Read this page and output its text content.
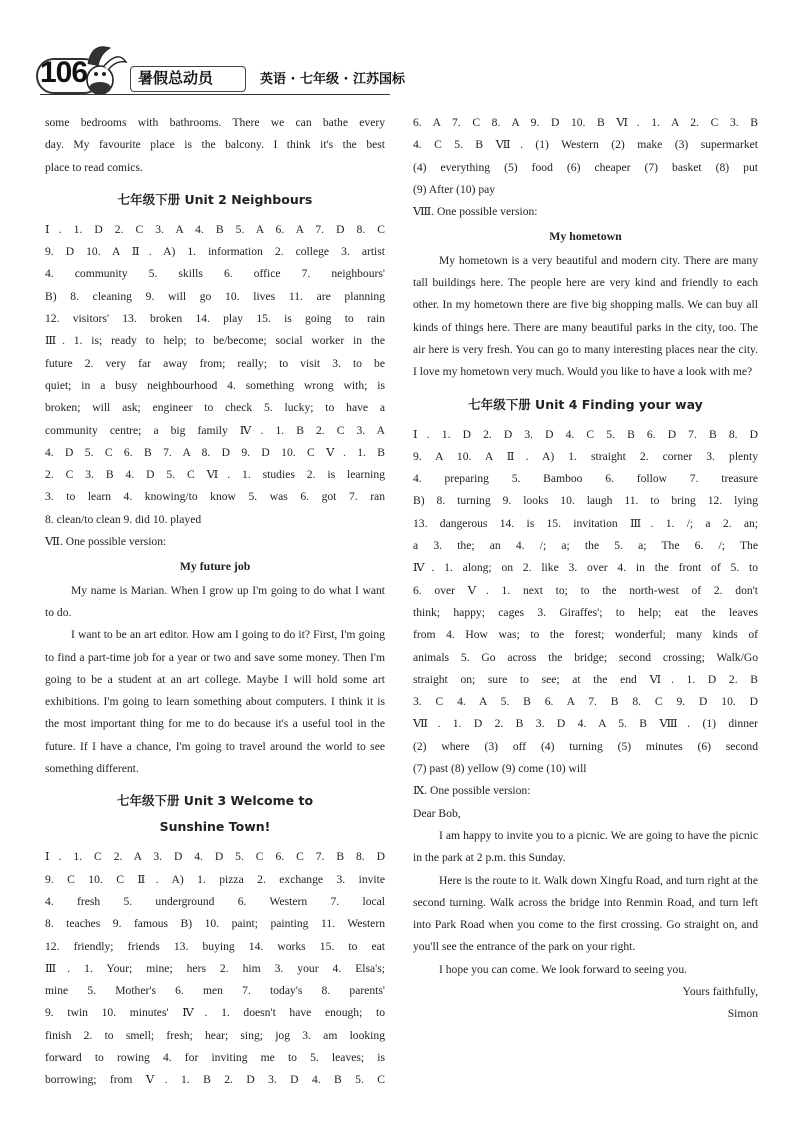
106	暑假总动员	英语 · 七年级 · 江苏国标
some bedrooms with bathrooms. There we can bathe every
day. My favourite place is the balcony. I think it's the best
place to read comics.
七年级下册 Unit 2 Neighbours
Ⅰ. 1. D 2. C 3. A 4. B 5. A 6. A 7. D 8. C
9. D 10. A Ⅱ. A) 1. information 2. college 3. artist
4. community 5. skills 6. office 7. neighbours'
B) 8. cleaning 9. will go 10. lives 11. are planning
12. visitors' 13. broken 14. play 15. is going to rain
Ⅲ. 1. is; ready to help; to be/become; social worker in the
future 2. very far away from; really; to visit 3. to be
quiet; in a busy neighbourhood 4. something wrong with; is
broken; will ask; engineer to check 5. lucky; to have a
community centre; a big family Ⅳ. 1. B 2. C 3. A
4. D 5. C 6. B 7. A 8. D 9. D 10. C Ⅴ. 1. B
2. C 3. B 4. D 5. C Ⅵ. 1. studies 2. is learning
3. to learn 4. knowing/to know 5. was 6. got 7. ran
8. clean/to clean 9. did 10. played
Ⅶ. One possible version:
My future job

My name is Marian. When I grow up I'm going to do what I want to do.

I want to be an art editor. How am I going to do it? First, I'm going to find a part-time job for a year or two and save some money. Then I'm going to be a student at an art college. Maybe I will hold some art exhibitions. I'm going to learn something about computers. I think it is the most important thing for me to do because it's a useful tool in the future. If I have a chance, I'm going to travel around the world to see something different.

七年级下册 Unit 3 Welcome to
Sunshine Town!
Ⅰ. 1. C 2. A 3. D 4. D 5. C 6. C 7. B 8. D
9. C 10. C Ⅱ. A) 1. pizza 2. exchange 3. invite
4. fresh 5. underground 6. Western 7. local
8. teaches 9. famous B) 10. paint; painting 11. Western
12. friendly; friends 13. buying 14. works 15. to eat
Ⅲ. 1. Your; mine; hers 2. him 3. your 4. Elsa's;
mine 5. Mother's 6. men 7. today's 8. parents'
9. twin 10. minutes' Ⅳ. 1. doesn't have enough; to
finish 2. to smell; fresh; hear; sing; jog 3. am looking
forward to rowing 4. for inviting me to 5. leaves; is
borrowing; from Ⅴ. 1. B 2. D 3. D 4. B 5. C
6. A 7. C 8. A 9. D 10. B Ⅵ. 1. A 2. C 3. B
4. C 5. B Ⅶ. (1) Western (2) make (3) supermarket
(4) everything (5) food (6) cheaper (7) basket (8) put
(9) After (10) pay
Ⅷ. One possible version:
My hometown

My hometown is a very beautiful and modern city. There are many tall buildings here. The people here are very kind and friendly to each other. In my hometown there are five big shopping malls. We can buy all kinds of things here. There are many beautiful parks in the city, too. The air here is very fresh. You can go to many interesting places near the city. I love my hometown very much. Would you like to have a look with me?

七年级下册 Unit 4 Finding your way
Ⅰ. 1. D 2. D 3. D 4. C 5. B 6. D 7. B 8. D
9. A 10. A Ⅱ. A) 1. straight 2. corner 3. plenty
4. preparing 5. Bamboo 6. follow 7. treasure
B) 8. turning 9. looks 10. laugh 11. to bring 12. lying
13. dangerous 14. is 15. invitation Ⅲ. 1. /; a 2. an;
a 3. the; an 4. /; a; the 5. a; The 6. /; The
Ⅳ. 1. along; on 2. like 3. over 4. in the front of 5. to
6. over Ⅴ. 1. next to; to the north-west of 2. don't
think; happy; cages 3. Giraffes'; to help; eat the leaves
from 4. How was; to the forest; wonderful; many kinds of
animals 5. Go across the bridge; second crossing; Walk/Go
straight on; sure to see; at the end Ⅵ. 1. D 2. B
3. C 4. A 5. B 6. A 7. B 8. C 9. D 10. D
Ⅶ. 1. D 2. B 3. D 4. A 5. B Ⅷ. (1) dinner
(2) where (3) off (4) turning (5) minutes (6) second
(7) past (8) yellow (9) come (10) will
Ⅸ. One possible version:
Dear Bob,

I am happy to invite you to a picnic. We are going to have the picnic in the park at 2 p.m. this Sunday.

Here is the route to it. Walk down Xingfu Road, and turn right at the second turning. Walk across the bridge into Renmin Road, and turn left into Park Road when you come to the first crossing. Go straight on, and you'll see the entrance of the park on your right.

I hope you can come. We look forward to seeing you.

Yours faithfully,
Simon
